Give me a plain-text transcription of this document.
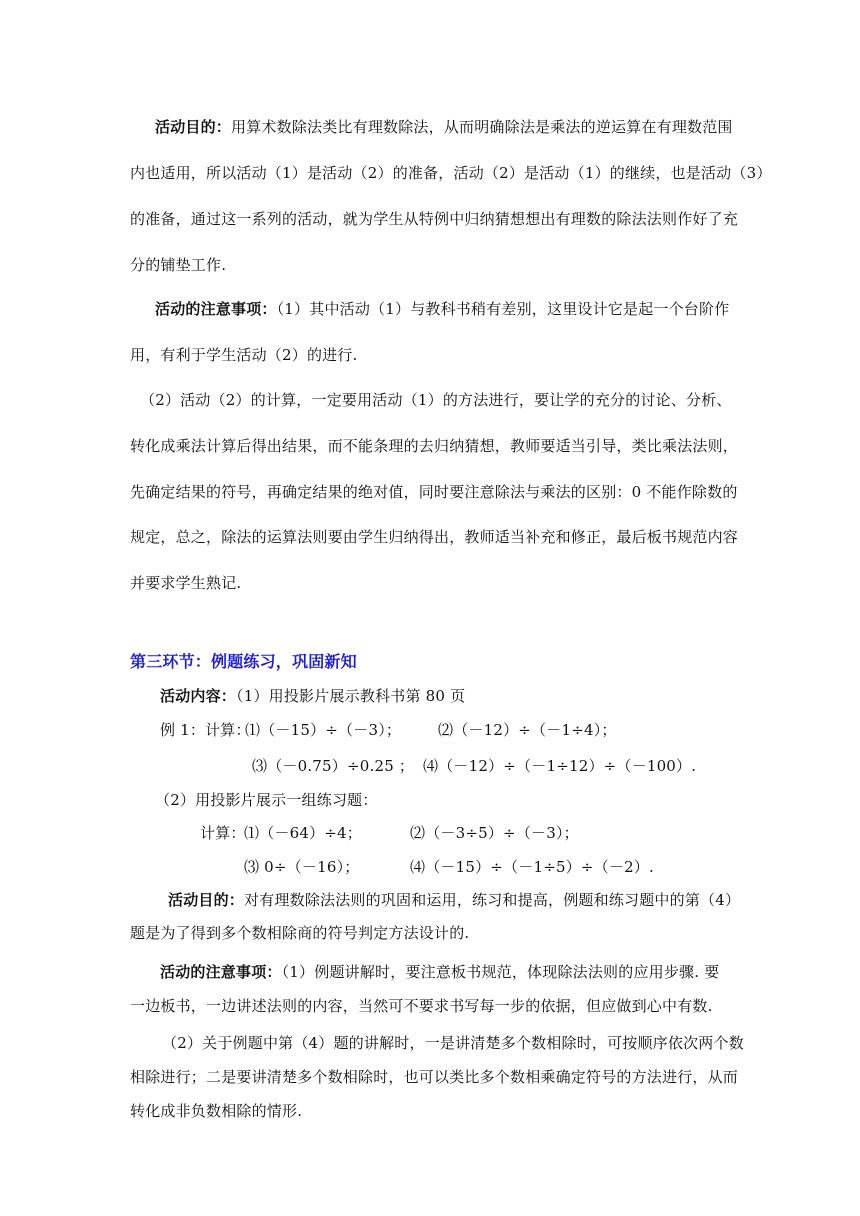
活动目的：用算术数除法类比有理数除法，从而明确除法是乘法的逆运算在有理数范围
内也适用，所以活动（1）是活动（2）的准备，活动（2）是活动（1）的继续，也是活动（3）
的准备，通过这一系列的活动，就为学生从特例中归纳猜想想出有理数的除法法则作好了充
分的铺垫工作.
活动的注意事项：（1）其中活动（1）与教科书稍有差别，这里设计它是起一个台阶作
用，有利于学生活动（2）的进行.
（2）活动（2）的计算，一定要用活动（1）的方法进行，要让学的充分的讨论、分析、
转化成乘法计算后得出结果，而不能条理的去归纳猜想，教师要适当引导，类比乘法法则，
先确定结果的符号，再确定结果的绝对值，同时要注意除法与乘法的区别：0 不能作除数的
规定，总之，除法的运算法则要由学生归纳得出，教师适当补充和修正，最后板书规范内容
并要求学生熟记.
第三环节：例题练习，巩固新知
活动内容：（1）用投影片展示教科书第 80 页
例 1：计算：
⑴（－15）÷（－3）； ⑵（－12）÷（－1÷4）；
⑶（－0.75）÷0.25 ； ⑷（－12）÷（－1÷12）÷（－100）.
（2）用投影片展示一组练习题：
计算：
⑴（－64）÷4；	⑵（－3÷5）÷（－3）；
⑶ 0÷（－16）；	⑷（－15）÷（－1÷5）÷（－2）.
活动目的：对有理数除法法则的巩固和运用，练习和提高，例题和练习题中的第（4）
题是为了得到多个数相除商的符号判定方法设计的.
活动的注意事项：（1）例题讲解时，要注意板书规范，体现除法法则的应用步骤. 要
一边板书，一边讲述法则的内容，当然可不要求书写每一步的依据，但应做到心中有数.
（2）关于例题中第（4）题的讲解时，一是讲清楚多个数相除时，可按顺序依次两个数
相除进行；二是要讲清楚多个数相除时，也可以类比多个数相乘确定符号的方法进行，从而
转化成非负数相除的情形.
